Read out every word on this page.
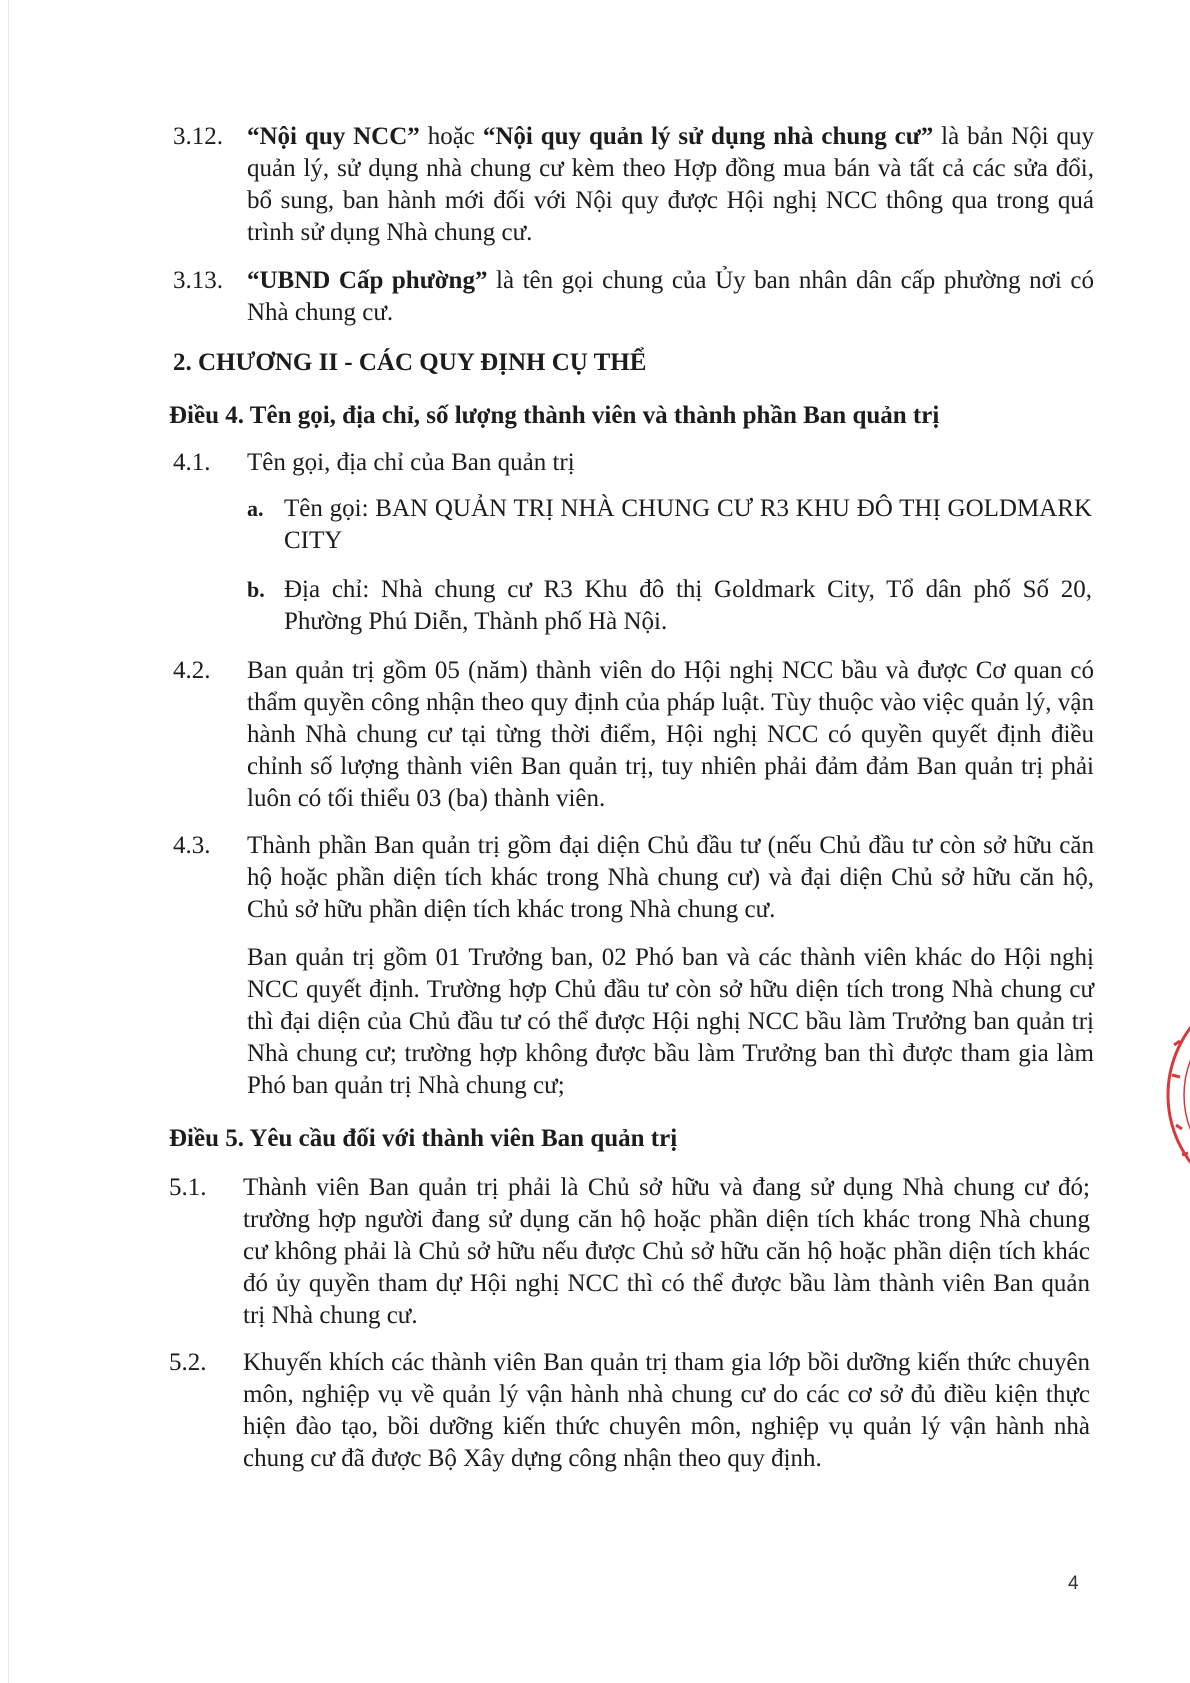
3.12. “Nội quy NCC” hoặc “Nội quy quản lý sử dụng nhà chung cư” là bản Nội quy quản lý, sử dụng nhà chung cư kèm theo Hợp đồng mua bán và tất cả các sửa đổi, bổ sung, ban hành mới đối với Nội quy được Hội nghị NCC thông qua trong quá trình sử dụng Nhà chung cư.
3.13. “UBND Cấp phường” là tên gọi chung của Ủy ban nhân dân cấp phường nơi có Nhà chung cư.
2. CHƯƠNG II - CÁC QUY ĐỊNH CỤ THỂ
Điều 4. Tên gọi, địa chỉ, số lượng thành viên và thành phần Ban quản trị
4.1. Tên gọi, địa chỉ của Ban quản trị
a. Tên gọi: BAN QUẢN TRỊ NHÀ CHUNG CƯ R3 KHU ĐÔ THỊ GOLDMARK CITY
b. Địa chỉ: Nhà chung cư R3 Khu đô thị Goldmark City, Tổ dân phố Số 20, Phường Phú Diễn, Thành phố Hà Nội.
4.2. Ban quản trị gồm 05 (năm) thành viên do Hội nghị NCC bầu và được Cơ quan có thẩm quyền công nhận theo quy định của pháp luật. Tùy thuộc vào việc quản lý, vận hành Nhà chung cư tại từng thời điểm, Hội nghị NCC có quyền quyết định điều chỉnh số lượng thành viên Ban quản trị, tuy nhiên phải đảm đảm Ban quản trị phải luôn có tối thiểu 03 (ba) thành viên.
4.3. Thành phần Ban quản trị gồm đại diện Chủ đầu tư (nếu Chủ đầu tư còn sở hữu căn hộ hoặc phần diện tích khác trong Nhà chung cư) và đại diện Chủ sở hữu căn hộ, Chủ sở hữu phần diện tích khác trong Nhà chung cư.
Ban quản trị gồm 01 Trưởng ban, 02 Phó ban và các thành viên khác do Hội nghị NCC quyết định. Trường hợp Chủ đầu tư còn sở hữu diện tích trong Nhà chung cư thì đại diện của Chủ đầu tư có thể được Hội nghị NCC bầu làm Trưởng ban quản trị Nhà chung cư; trường hợp không được bầu làm Trưởng ban thì được tham gia làm Phó ban quản trị Nhà chung cư;
Điều 5. Yêu cầu đối với thành viên Ban quản trị
5.1. Thành viên Ban quản trị phải là Chủ sở hữu và đang sử dụng Nhà chung cư đó; trường hợp người đang sử dụng căn hộ hoặc phần diện tích khác trong Nhà chung cư không phải là Chủ sở hữu nếu được Chủ sở hữu căn hộ hoặc phần diện tích khác đó ủy quyền tham dự Hội nghị NCC thì có thể được bầu làm thành viên Ban quản trị Nhà chung cư.
5.2. Khuyến khích các thành viên Ban quản trị tham gia lớp bồi dưỡng kiến thức chuyên môn, nghiệp vụ về quản lý vận hành nhà chung cư do các cơ sở đủ điều kiện thực hiện đào tạo, bồi dưỡng kiến thức chuyên môn, nghiệp vụ quản lý vận hành nhà chung cư đã được Bộ Xây dựng công nhận theo quy định.
4
